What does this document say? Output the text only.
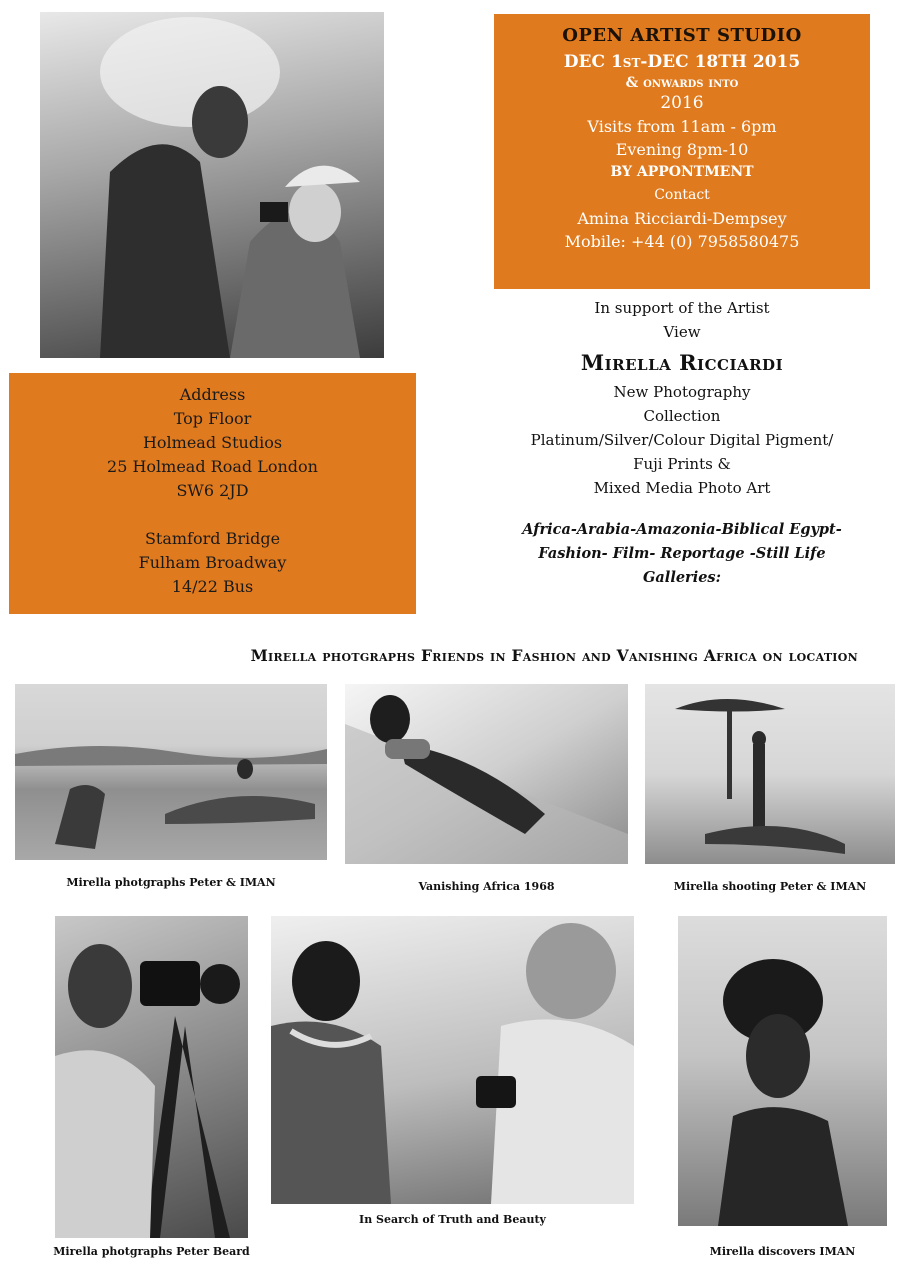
OPEN ARTIST STUDIO
DEC 1st-DEC 18TH 2015
& onwards into
2016
Visits from 11am - 6pm
Evening 8pm-10
BY APPONTMENT
Contact
Amina Ricciardi-Dempsey
Mobile: +44 (0) 7958580475
Address
Top Floor
Holmead Studios
25 Holmead Road London
SW6 2JD
Stamford Bridge
Fulham Broadway
14/22 Bus
In support of the Artist
View
Mirella Ricciardi
New Photography
Collection
Platinum/Silver/Colour Digital Pigment/
Fuji Prints &
Mixed Media Photo Art
Africa-Arabia-Amazonia-Biblical Egypt-
Fashion- Film- Reportage -Still Life
Galleries:
Mirella photgraphs Friends in Fashion and Vanishing Africa on location
Mirella photgraphs Peter & IMAN	Vanishing Africa 1968	Mirella shooting Peter & IMAN
Mirella photgraphs Peter Beard
In Search of Truth and Beauty
Mirella discovers IMAN
